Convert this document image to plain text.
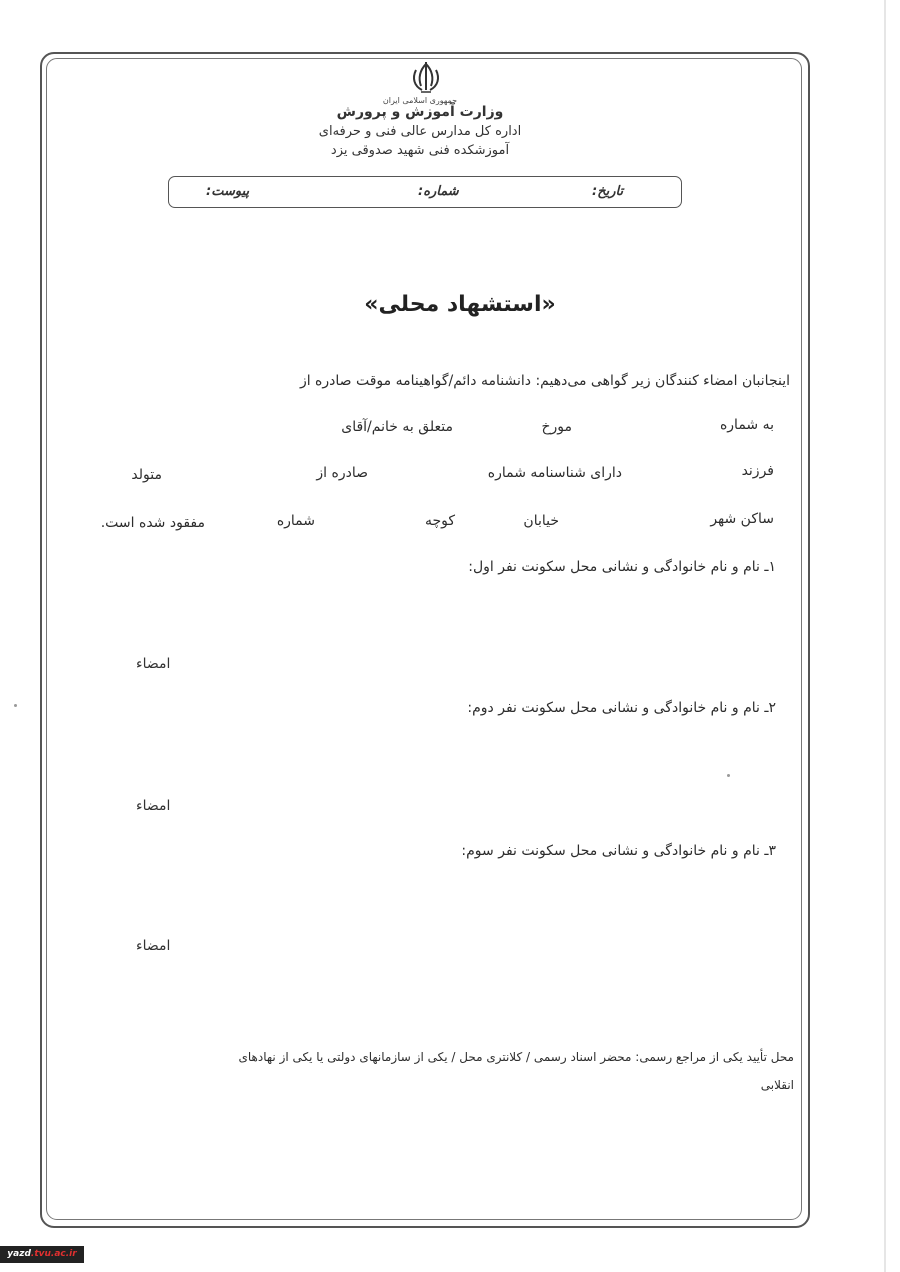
جمهوری اسلامی ایران
وزارت آموزش و پرورش
اداره کل مدارس عالی فنی و حرفه‌ای
آموزشکده فنی شهید صدوقی یزد
تاریخ:
شماره:
پیوست:
«استشهاد محلی»
اینجانبان امضاء کنندگان زیر گواهی می‌دهیم: دانشنامه دائم/گواهینامه موقت صادره از
به شماره
مورخ
متعلق به خانم/آقای
فرزند
دارای شناسنامه شماره
صادره از
متولد
ساکن شهر
خیابان
کوچه
شماره
مفقود شده است.
۱ـ نام و نام خانوادگی و نشانی محل سکونت نفر اول:
امضاء
۲ـ نام و نام خانوادگی و نشانی محل سکونت نفر دوم:
امضاء
۳ـ نام و نام خانوادگی و نشانی محل سکونت نفر سوم:
امضاء
محل تأیید یکی از مراجع رسمی: محضر اسناد رسمی / کلانتری محل / یکی از سازمانهای دولتی یا یکی از نهادهای
انقلابی
yazd.tvu.ac.ir
